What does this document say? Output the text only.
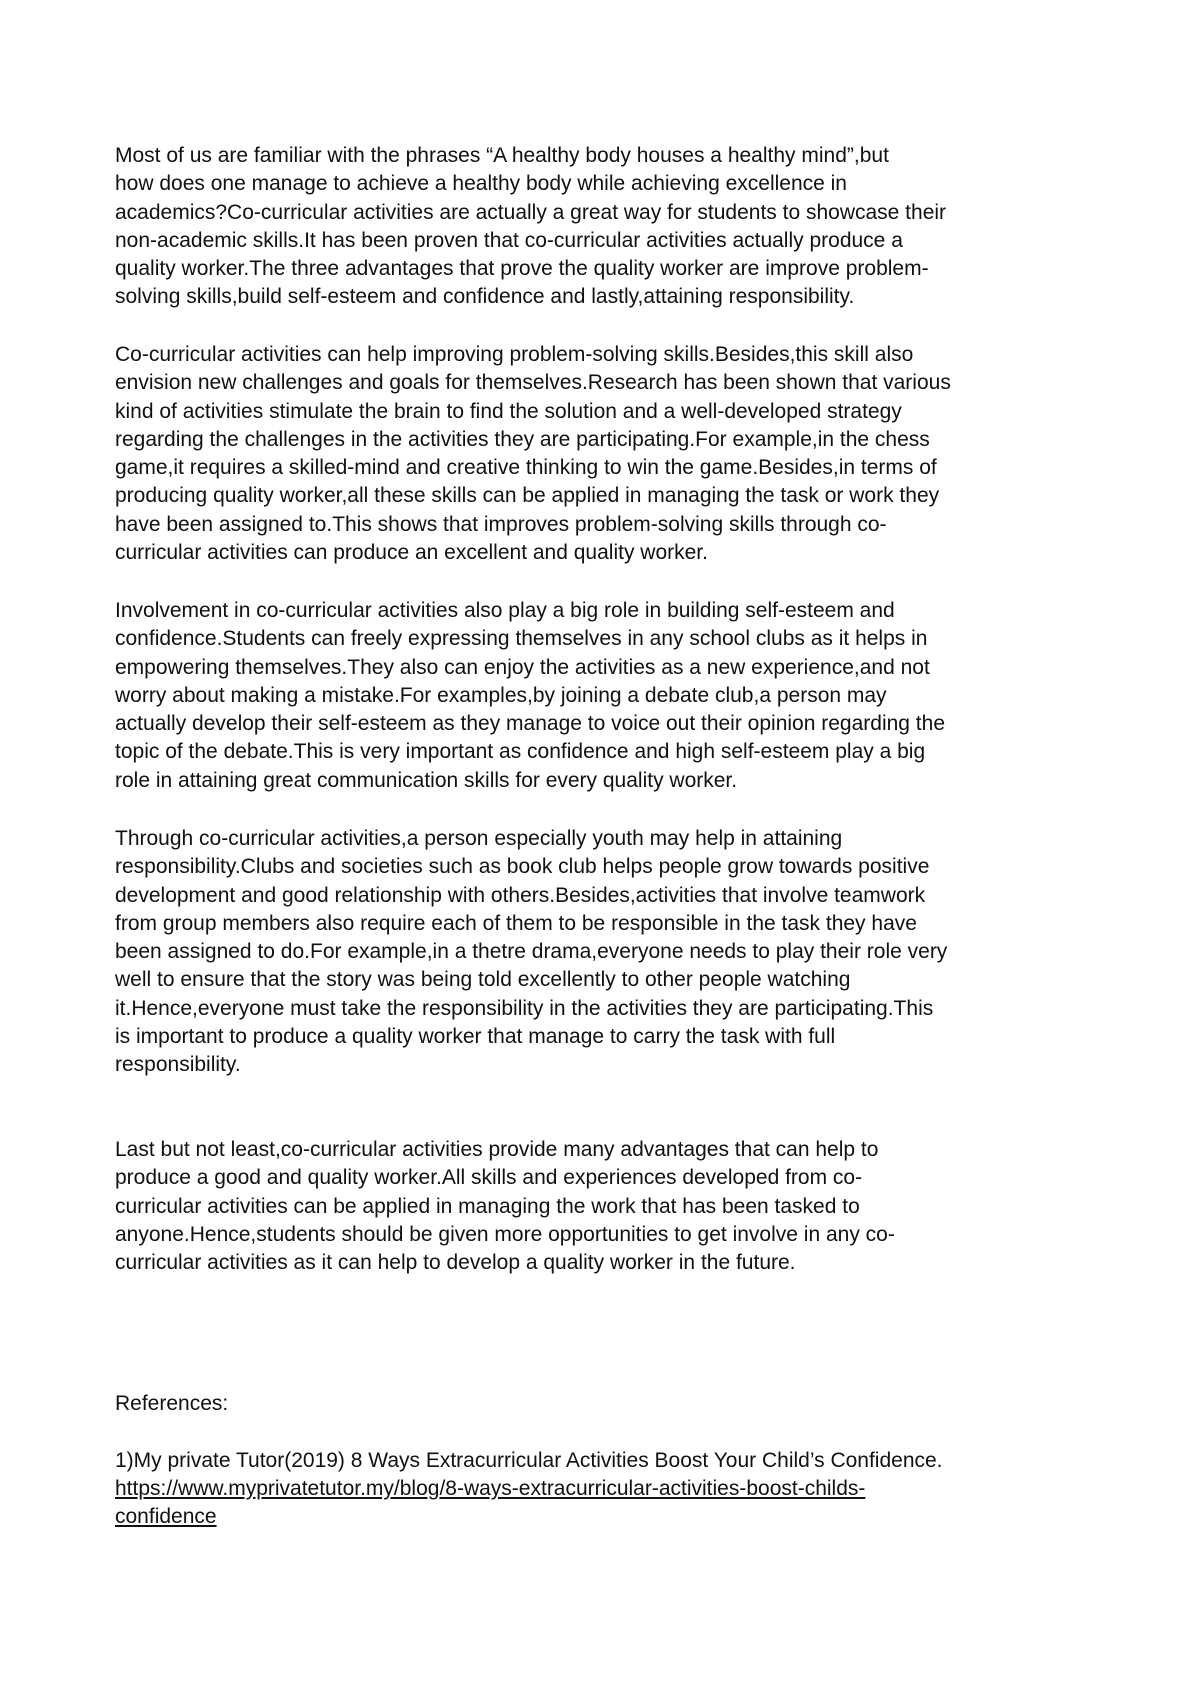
Most of us are familiar with the phrases “A healthy body houses a healthy mind”,but
how does one manage to achieve a healthy body while achieving excellence in
academics?Co-curricular activities are actually a great way for students to showcase their
non-academic skills.It has been proven that co-curricular activities actually produce a
quality worker.The three advantages that prove the quality worker are improve problem-
solving skills,build self-esteem and confidence and lastly,attaining responsibility.

Co-curricular activities can help improving problem-solving skills.Besides,this skill also
envision new challenges and goals for themselves.Research has been shown that various
kind of activities stimulate the brain to find the solution and a well-developed strategy
regarding the challenges in the activities they are participating.For example,in the chess
game,it requires a skilled-mind and creative thinking to win the game.Besides,in terms of
producing quality worker,all these skills can be applied in managing the task or work they
have been assigned to.This shows that improves problem-solving skills through co-
curricular activities can produce an excellent and quality worker.

Involvement in co-curricular activities also play a big role in building self-esteem and
confidence.Students can freely expressing themselves in any school clubs as it helps in
empowering themselves.They also can enjoy the activities as a new experience,and not
worry about making a mistake.For examples,by joining a debate club,a person may
actually develop their self-esteem as they manage to voice out their opinion regarding the
topic of the debate.This is very important as confidence and high self-esteem play a big
role in attaining great communication skills for every quality worker.

Through co-curricular activities,a person especially youth may help in attaining
responsibility.Clubs and societies such as book club helps people grow towards positive
development and good relationship with others.Besides,activities that involve teamwork
from group members also require each of them to be responsible in the task they have
been assigned to do.For example,in a thetre drama,everyone needs to play their role very
well to ensure that the story was being told excellently to other people watching
it.Hence,everyone must take the responsibility in the activities they are participating.This
is important to produce a quality worker that manage to carry the task with full
responsibility.

Last but not least,co-curricular activities provide many advantages that can help to
produce a good and quality worker.All skills and experiences developed from co-
curricular activities can be applied in managing the work that has been tasked to
anyone.Hence,students should be given more opportunities to get involve in any co-
curricular activities as it can help to develop a quality worker in the future.

References:

1)My private Tutor(2019) 8 Ways Extracurricular Activities Boost Your Child’s Confidence.

https://www.myprivatetutor.my/blog/8-ways-extracurricular-activities-boost-childs-
confidence
